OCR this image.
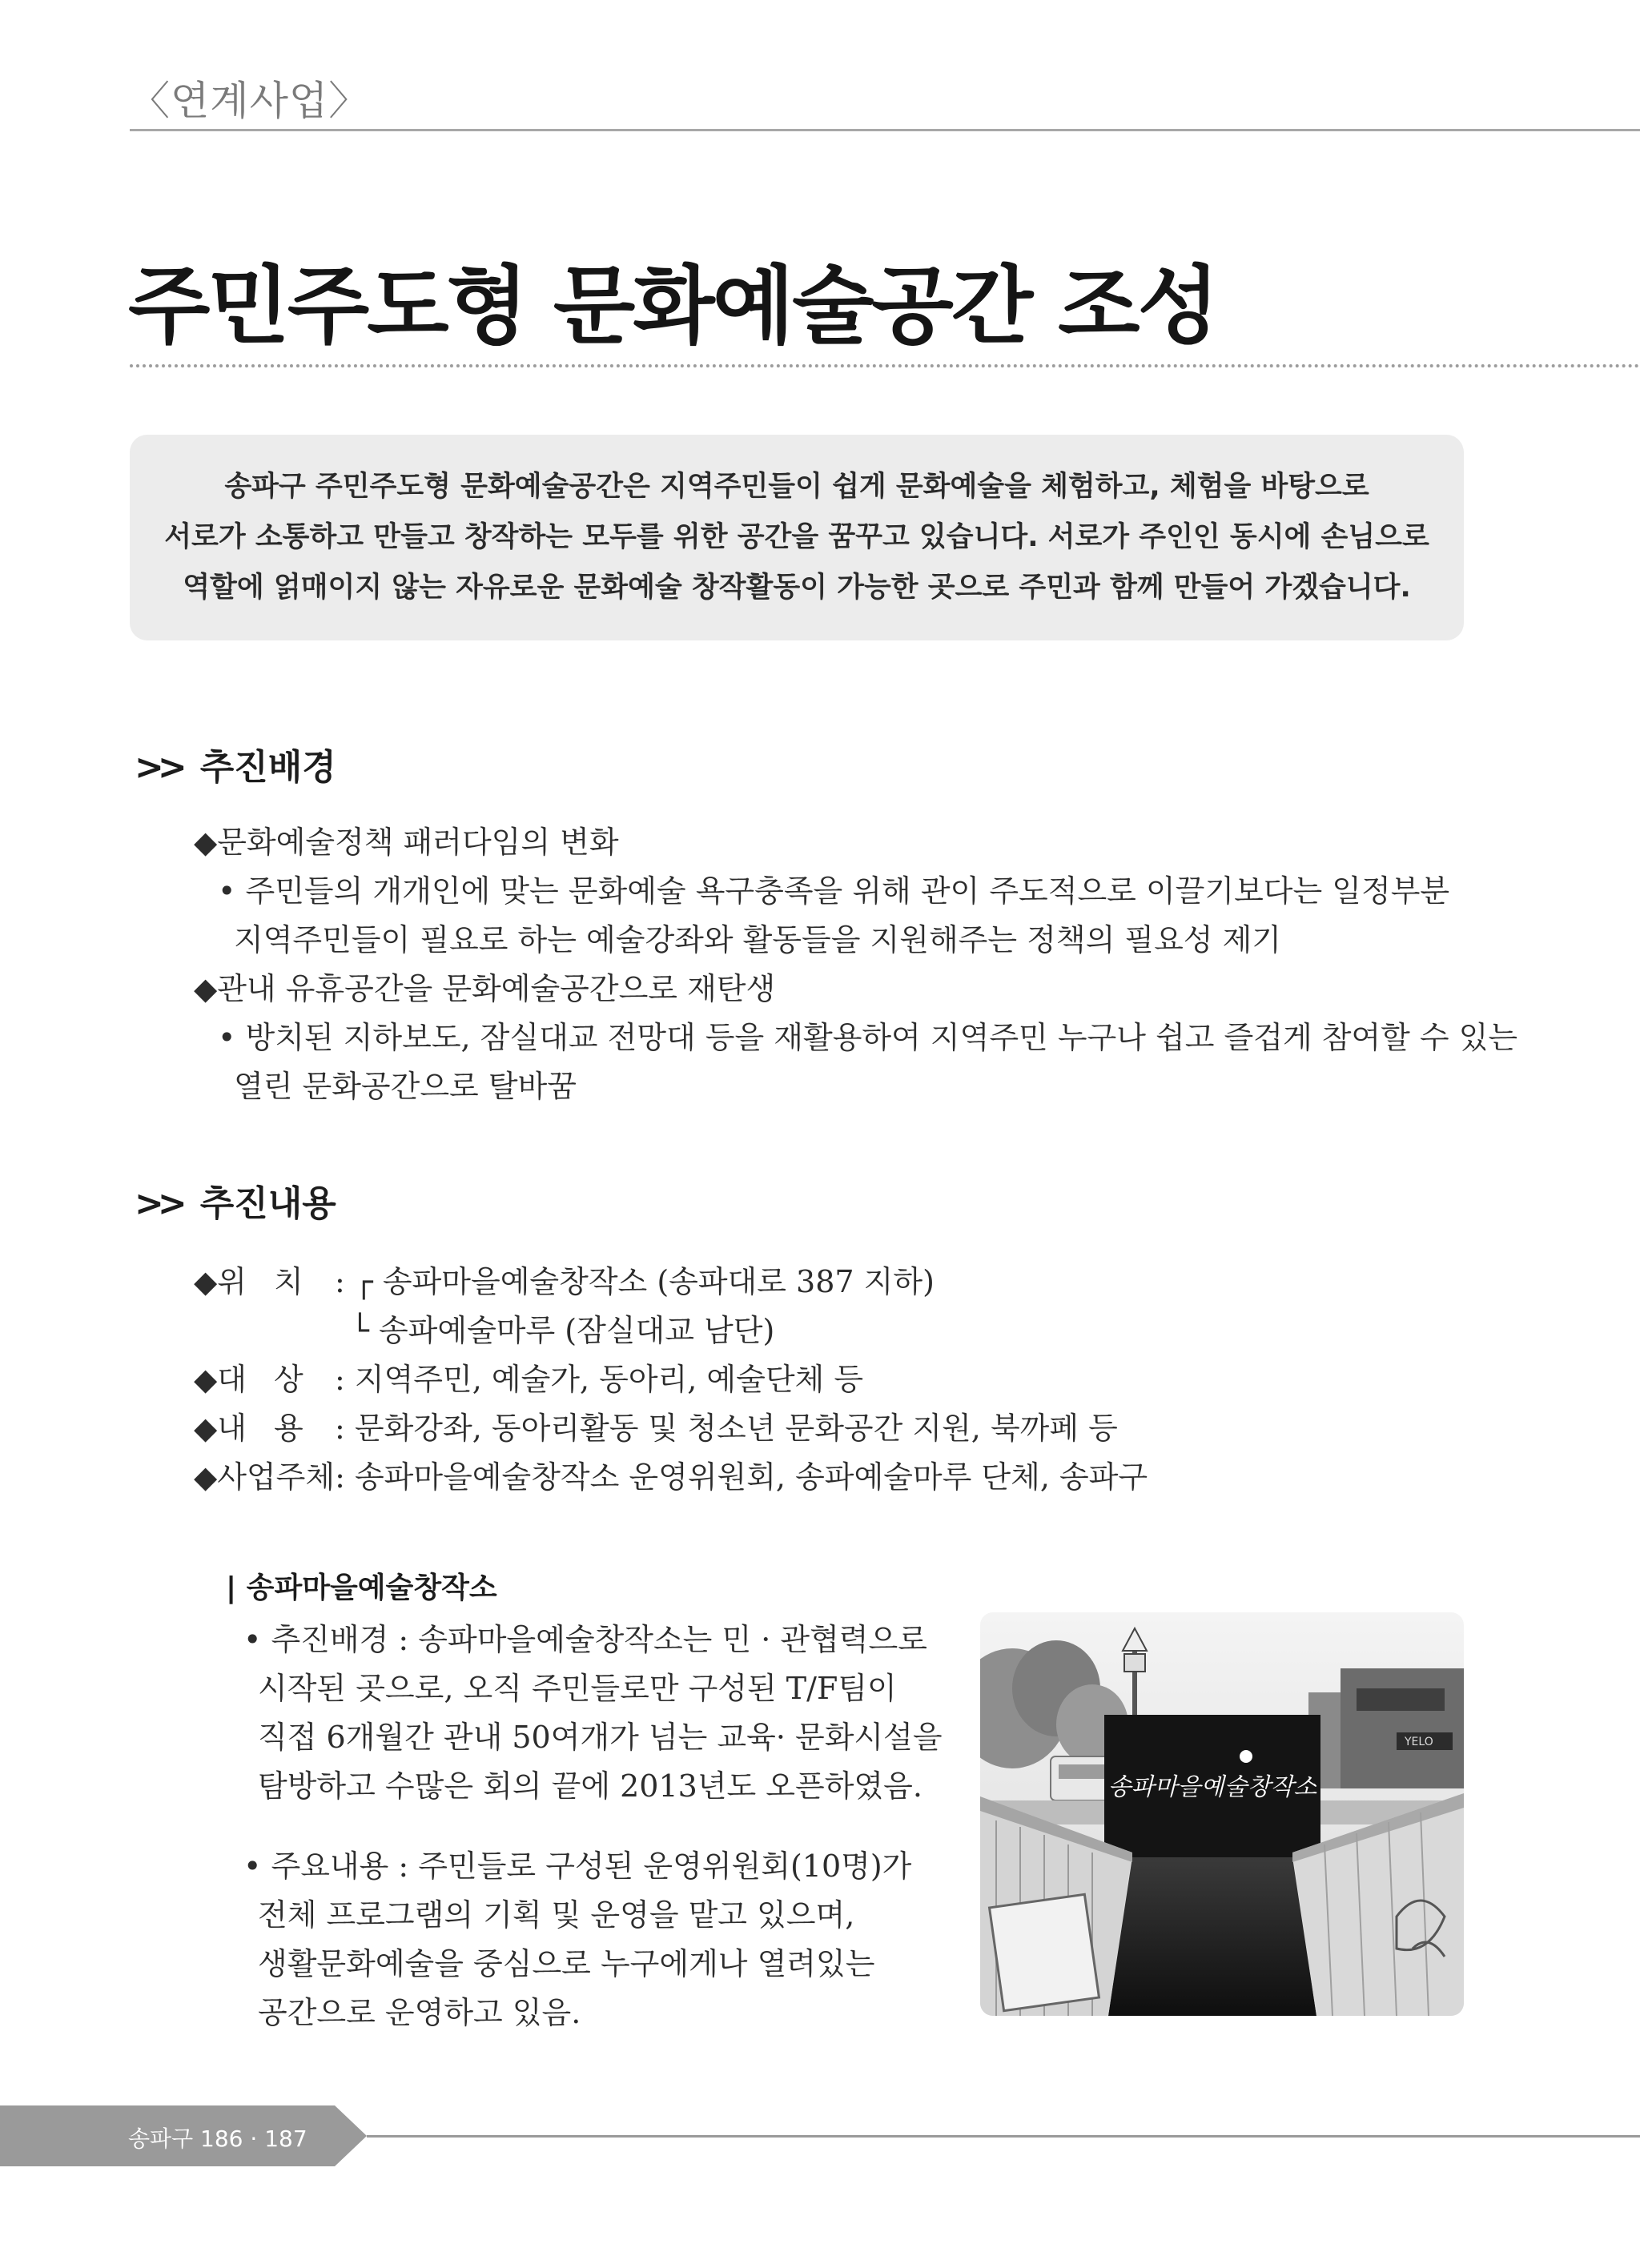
〈연계사업〉
주민주도형 문화예술공간 조성
송파구 주민주도형 문화예술공간은 지역주민들이 쉽게 문화예술을 체험하고, 체험을 바탕으로
서로가 소통하고 만들고 창작하는 모두를 위한 공간을 꿈꾸고 있습니다. 서로가 주인인 동시에 손님으로
역할에 얽매이지 않는 자유로운 문화예술 창작활동이 가능한 곳으로 주민과 함께 만들어 가겠습니다.
>> 추진배경
◆문화예술정책 패러다임의 변화
• 주민들의 개개인에 맞는 문화예술 욕구충족을 위해 관이 주도적으로 이끌기보다는 일정부분
지역주민들이 필요로 하는 예술강좌와 활동들을 지원해주는 정책의 필요성 제기
◆관내 유휴공간을 문화예술공간으로 재탄생
• 방치된 지하보도, 잠실대교 전망대 등을 재활용하여 지역주민 누구나 쉽고 즐겁게 참여할 수 있는
열린 문화공간으로 탈바꿈
>> 추진내용
◆위 치 : ┌ 송파마을예술창작소 (송파대로 387 지하)
└ 송파예술마루 (잠실대교 남단)
◆대 상 : 지역주민, 예술가, 동아리, 예술단체 등
◆내 용 : 문화강좌, 동아리활동 및 청소년 문화공간 지원, 북까페 등
◆사업주체: 송파마을예술창작소 운영위원회, 송파예술마루 단체, 송파구
| 송파마을예술창작소
• 추진배경 : 송파마을예술창작소는 민 · 관협력으로
시작된 곳으로, 오직 주민들로만 구성된 T/F팀이
직접 6개월간 관내 50여개가 넘는 교육· 문화시설을
탐방하고 수많은 회의 끝에 2013년도 오픈하였음.
• 주요내용 : 주민들로 구성된 운영위원회(10명)가
전체 프로그램의 기획 및 운영을 맡고 있으며,
생활문화예술을 중심으로 누구에게나 열려있는
공간으로 운영하고 있음.
YELO
송파마을예술창작소
송파구 186 · 187
